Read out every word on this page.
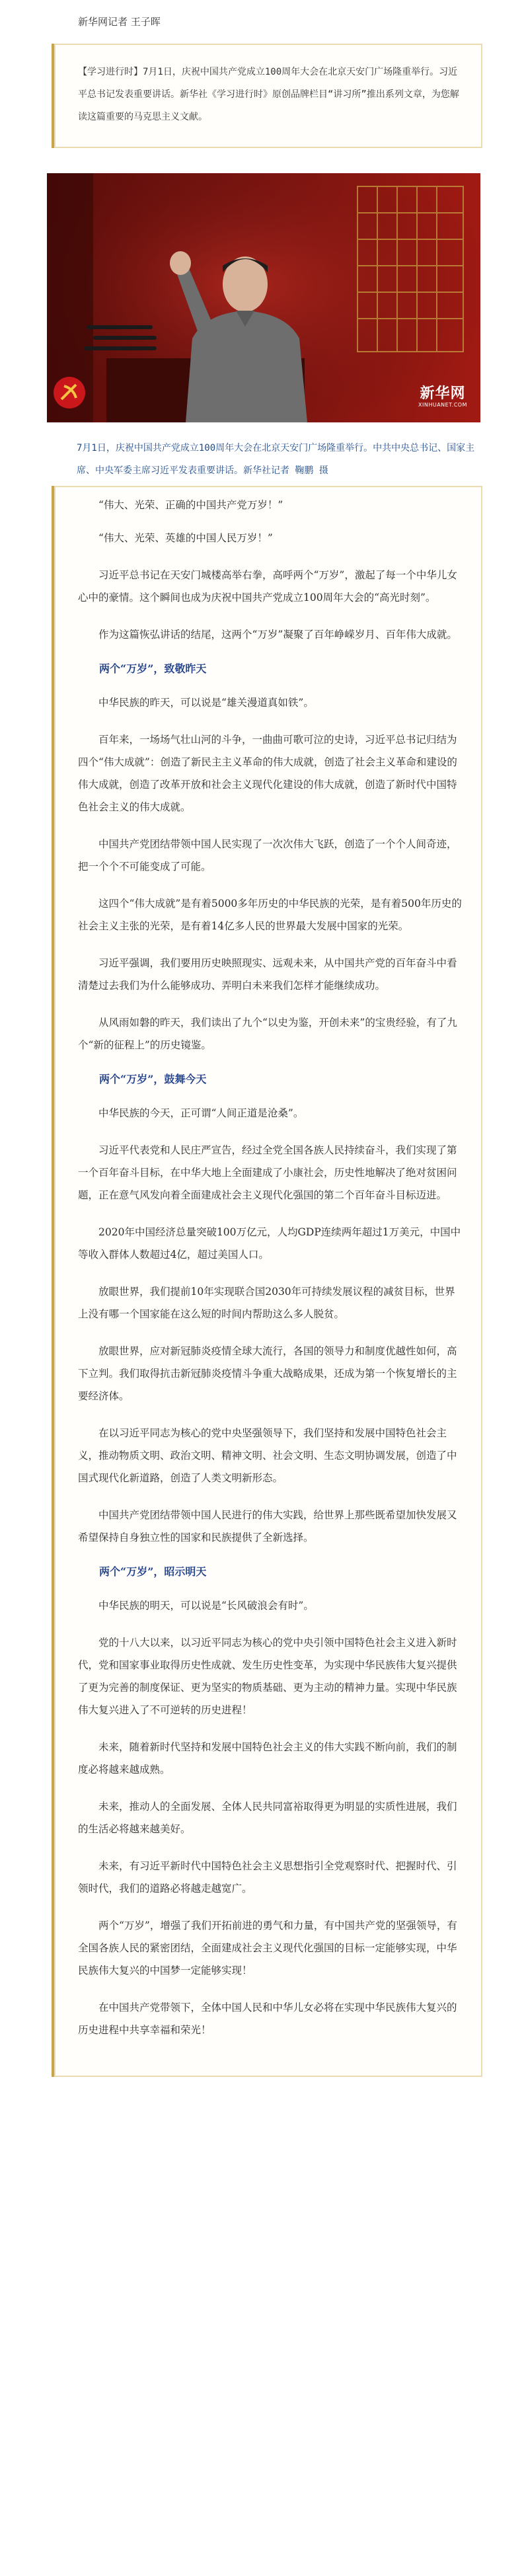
新华网记者 王子晖
【学习进行时】7月1日，庆祝中国共产党成立100周年大会在北京天安门广场隆重举行。习近平总书记发表重要讲话。新华社《学习进行时》原创品牌栏目“讲习所”推出系列文章，为您解读这篇重要的马克思主义文献。
新华网
XINHUANET.COM
7月1日，庆祝中国共产党成立100周年大会在北京天安门广场隆重举行。中共中央总书记、国家主席、中央军委主席习近平发表重要讲话。新华社记者 鞠鹏 摄

“伟大、光荣、正确的中国共产党万岁！”

“伟大、光荣、英雄的中国人民万岁！”

习近平总书记在天安门城楼高举右拳，高呼两个“万岁”，激起了每一个中华儿女心中的豪情。这个瞬间也成为庆祝中国共产党成立100周年大会的“高光时刻”。

作为这篇恢弘讲话的结尾，这两个“万岁”凝聚了百年峥嵘岁月、百年伟大成就。

两个“万岁”，致敬昨天

中华民族的昨天，可以说是“雄关漫道真如铁”。

百年来，一场场气壮山河的斗争，一曲曲可歌可泣的史诗，习近平总书记归结为四个“伟大成就”：创造了新民主主义革命的伟大成就，创造了社会主义革命和建设的伟大成就，创造了改革开放和社会主义现代化建设的伟大成就，创造了新时代中国特色社会主义的伟大成就。

中国共产党团结带领中国人民实现了一次次伟大飞跃，创造了一个个人间奇迹，把一个个不可能变成了可能。

这四个“伟大成就”是有着5000多年历史的中华民族的光荣，是有着500年历史的社会主义主张的光荣，是有着14亿多人民的世界最大发展中国家的光荣。

习近平强调，我们要用历史映照现实、远观未来，从中国共产党的百年奋斗中看清楚过去我们为什么能够成功、弄明白未来我们怎样才能继续成功。

从风雨如磐的昨天，我们读出了九个“以史为鉴，开创未来”的宝贵经验，有了九个“新的征程上”的历史镜鉴。

两个“万岁”，鼓舞今天

中华民族的今天，正可谓“人间正道是沧桑”。

习近平代表党和人民庄严宣告，经过全党全国各族人民持续奋斗，我们实现了第一个百年奋斗目标，在中华大地上全面建成了小康社会，历史性地解决了绝对贫困问题，正在意气风发向着全面建成社会主义现代化强国的第二个百年奋斗目标迈进。

2020年中国经济总量突破100万亿元，人均GDP连续两年超过1万美元，中国中等收入群体人数超过4亿，超过美国人口。

放眼世界，我们提前10年实现联合国2030年可持续发展议程的减贫目标，世界上没有哪一个国家能在这么短的时间内帮助这么多人脱贫。

放眼世界，应对新冠肺炎疫情全球大流行，各国的领导力和制度优越性如何，高下立判。我们取得抗击新冠肺炎疫情斗争重大战略成果，还成为第一个恢复增长的主要经济体。

在以习近平同志为核心的党中央坚强领导下，我们坚持和发展中国特色社会主义，推动物质文明、政治文明、精神文明、社会文明、生态文明协调发展，创造了中国式现代化新道路，创造了人类文明新形态。

中国共产党团结带领中国人民进行的伟大实践，给世界上那些既希望加快发展又希望保持自身独立性的国家和民族提供了全新选择。

两个“万岁”，昭示明天

中华民族的明天，可以说是“长风破浪会有时”。

党的十八大以来，以习近平同志为核心的党中央引领中国特色社会主义进入新时代，党和国家事业取得历史性成就、发生历史性变革，为实现中华民族伟大复兴提供了更为完善的制度保证、更为坚实的物质基础、更为主动的精神力量。实现中华民族伟大复兴进入了不可逆转的历史进程！

未来，随着新时代坚持和发展中国特色社会主义的伟大实践不断向前，我们的制度必将越来越成熟。

未来，推动人的全面发展、全体人民共同富裕取得更为明显的实质性进展，我们的生活必将越来越美好。

未来，有习近平新时代中国特色社会主义思想指引全党观察时代、把握时代、引领时代，我们的道路必将越走越宽广。

两个“万岁”，增强了我们开拓前进的勇气和力量，有中国共产党的坚强领导，有全国各族人民的紧密团结，全面建成社会主义现代化强国的目标一定能够实现，中华民族伟大复兴的中国梦一定能够实现！

在中国共产党带领下，全体中国人民和中华儿女必将在实现中华民族伟大复兴的历史进程中共享幸福和荣光！
